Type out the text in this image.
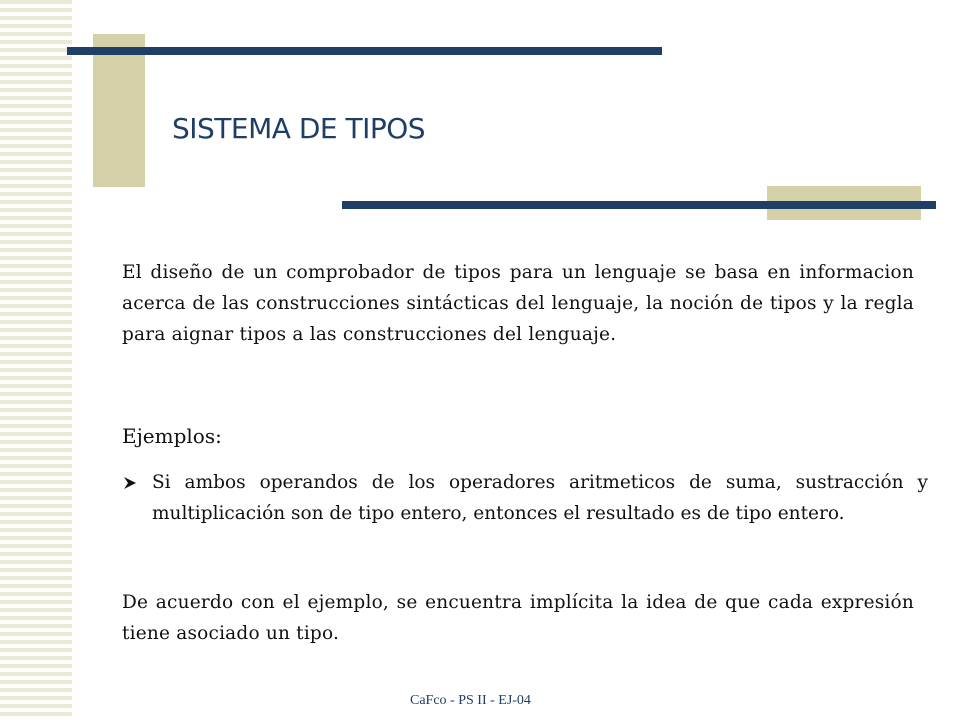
SISTEMA DE TIPOS

El diseño de un comprobador de tipos para un lenguaje se basa en informacion acerca de las construcciones sintácticas del lenguaje, la noción de tipos y la regla para aignar tipos a las construcciones del lenguaje.

Ejemplos:

Si ambos operandos de los operadores aritmeticos de suma, sustracción y multiplicación son de tipo entero, entonces el resultado es de tipo entero.

De acuerdo con el ejemplo, se encuentra implícita la idea de que cada expresión tiene asociado un tipo.

CaFco - PS II - EJ-04
